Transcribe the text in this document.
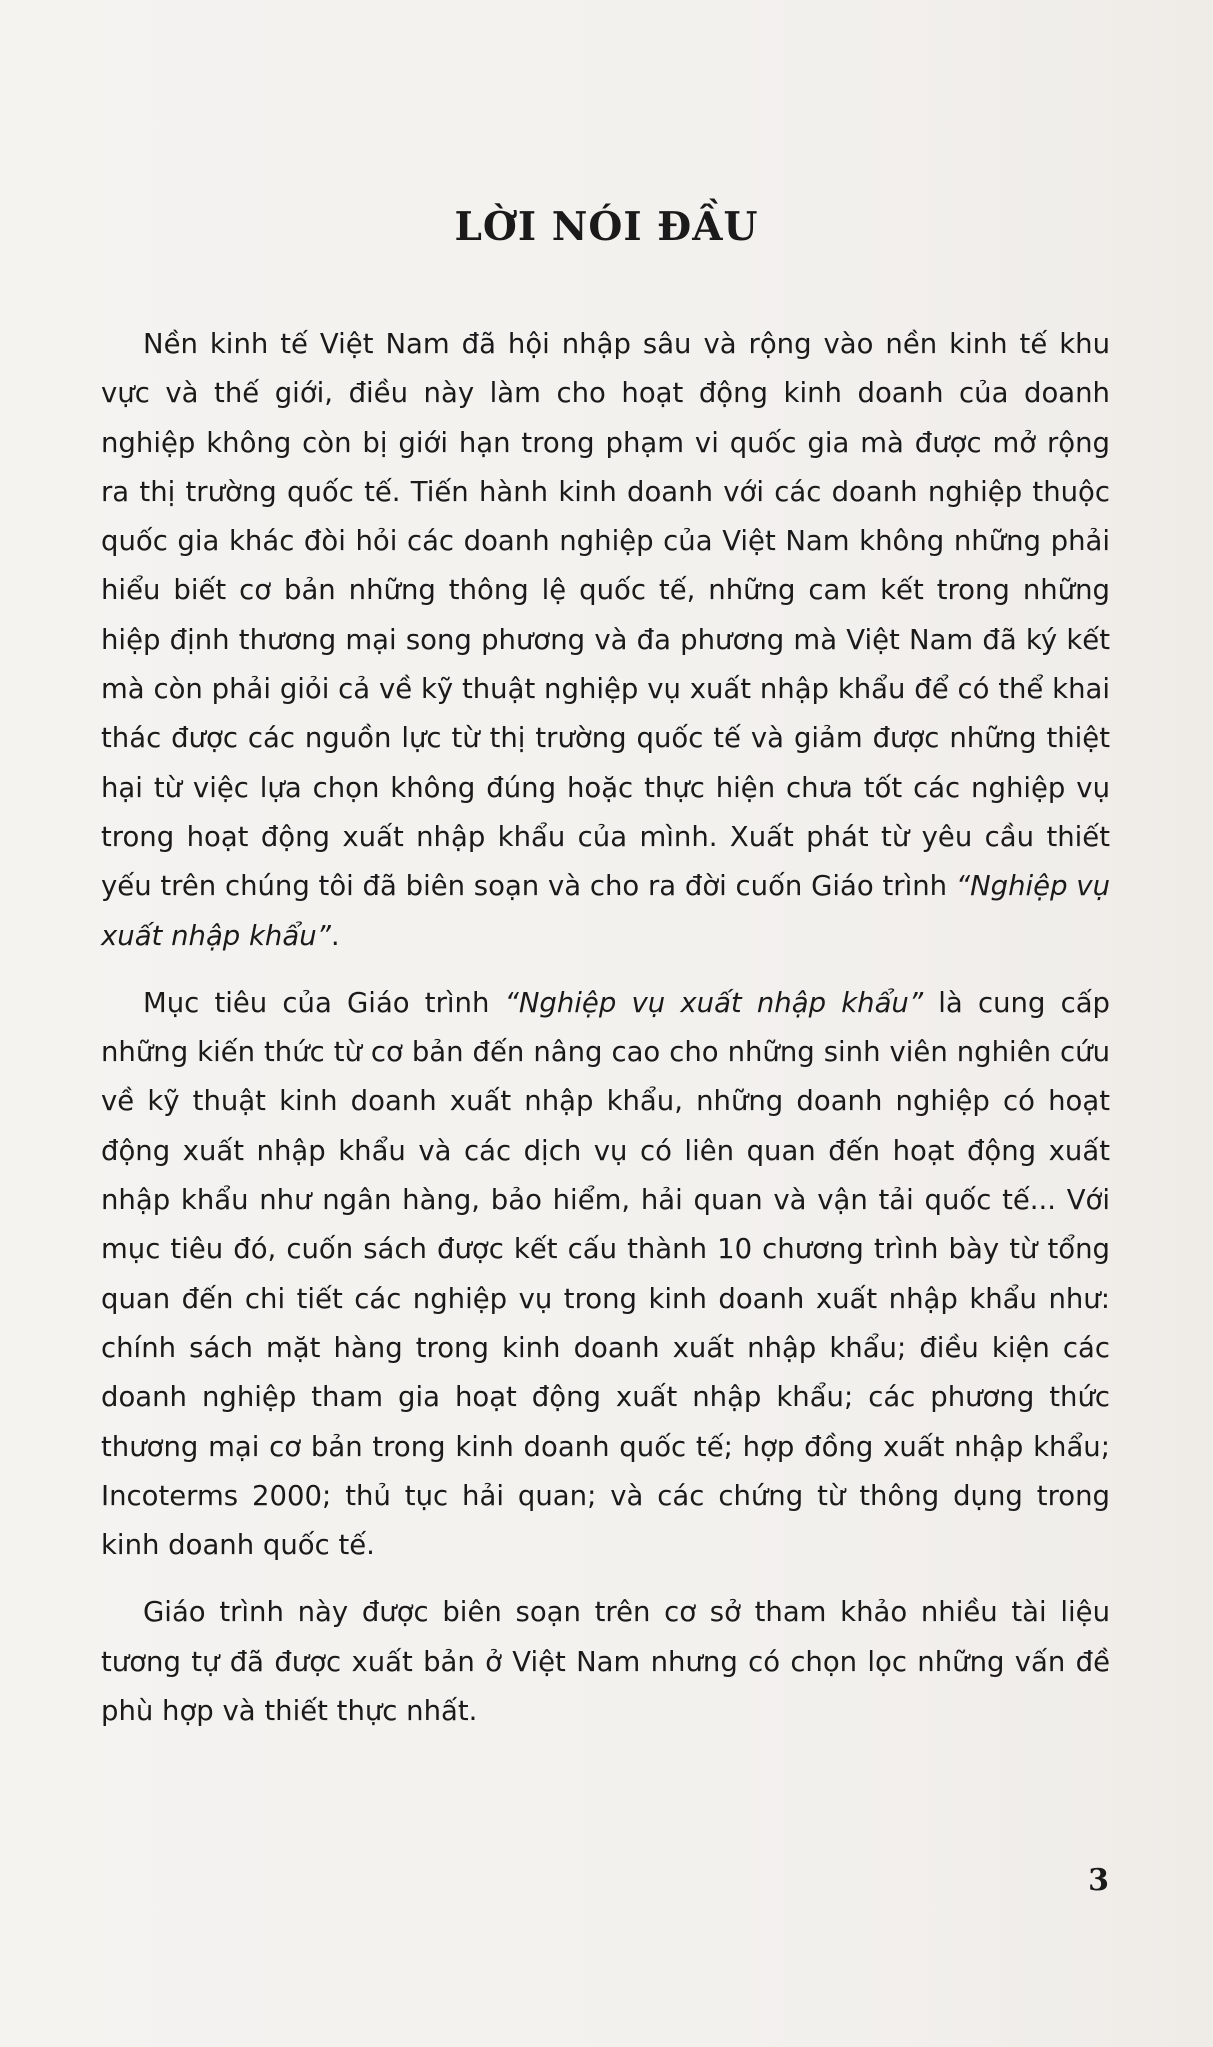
LỜI NÓI ĐẦU

Nền kinh tế Việt Nam đã hội nhập sâu và rộng vào nền kinh tế khu vực và thế giới, điều này làm cho hoạt động kinh doanh của doanh nghiệp không còn bị giới hạn trong phạm vi quốc gia mà được mở rộng ra thị trường quốc tế. Tiến hành kinh doanh với các doanh nghiệp thuộc quốc gia khác đòi hỏi các doanh nghiệp của Việt Nam không những phải hiểu biết cơ bản những thông lệ quốc tế, những cam kết trong những hiệp định thương mại song phương và đa phương mà Việt Nam đã ký kết mà còn phải giỏi cả về kỹ thuật nghiệp vụ xuất nhập khẩu để có thể khai thác được các nguồn lực từ thị trường quốc tế và giảm được những thiệt hại từ việc lựa chọn không đúng hoặc thực hiện chưa tốt các nghiệp vụ trong hoạt động xuất nhập khẩu của mình. Xuất phát từ yêu cầu thiết yếu trên chúng tôi đã biên soạn và cho ra đời cuốn Giáo trình “Nghiệp vụ xuất nhập khẩu”.

Mục tiêu của Giáo trình “Nghiệp vụ xuất nhập khẩu” là cung cấp những kiến thức từ cơ bản đến nâng cao cho những sinh viên nghiên cứu về kỹ thuật kinh doanh xuất nhập khẩu, những doanh nghiệp có hoạt động xuất nhập khẩu và các dịch vụ có liên quan đến hoạt động xuất nhập khẩu như ngân hàng, bảo hiểm, hải quan và vận tải quốc tế... Với mục tiêu đó, cuốn sách được kết cấu thành 10 chương trình bày từ tổng quan đến chi tiết các nghiệp vụ trong kinh doanh xuất nhập khẩu như: chính sách mặt hàng trong kinh doanh xuất nhập khẩu; điều kiện các doanh nghiệp tham gia hoạt động xuất nhập khẩu; các phương thức thương mại cơ bản trong kinh doanh quốc tế; hợp đồng xuất nhập khẩu; Incoterms 2000; thủ tục hải quan; và các chứng từ thông dụng trong kinh doanh quốc tế.

Giáo trình này được biên soạn trên cơ sở tham khảo nhiều tài liệu tương tự đã được xuất bản ở Việt Nam nhưng có chọn lọc những vấn đề phù hợp và thiết thực nhất.

3
